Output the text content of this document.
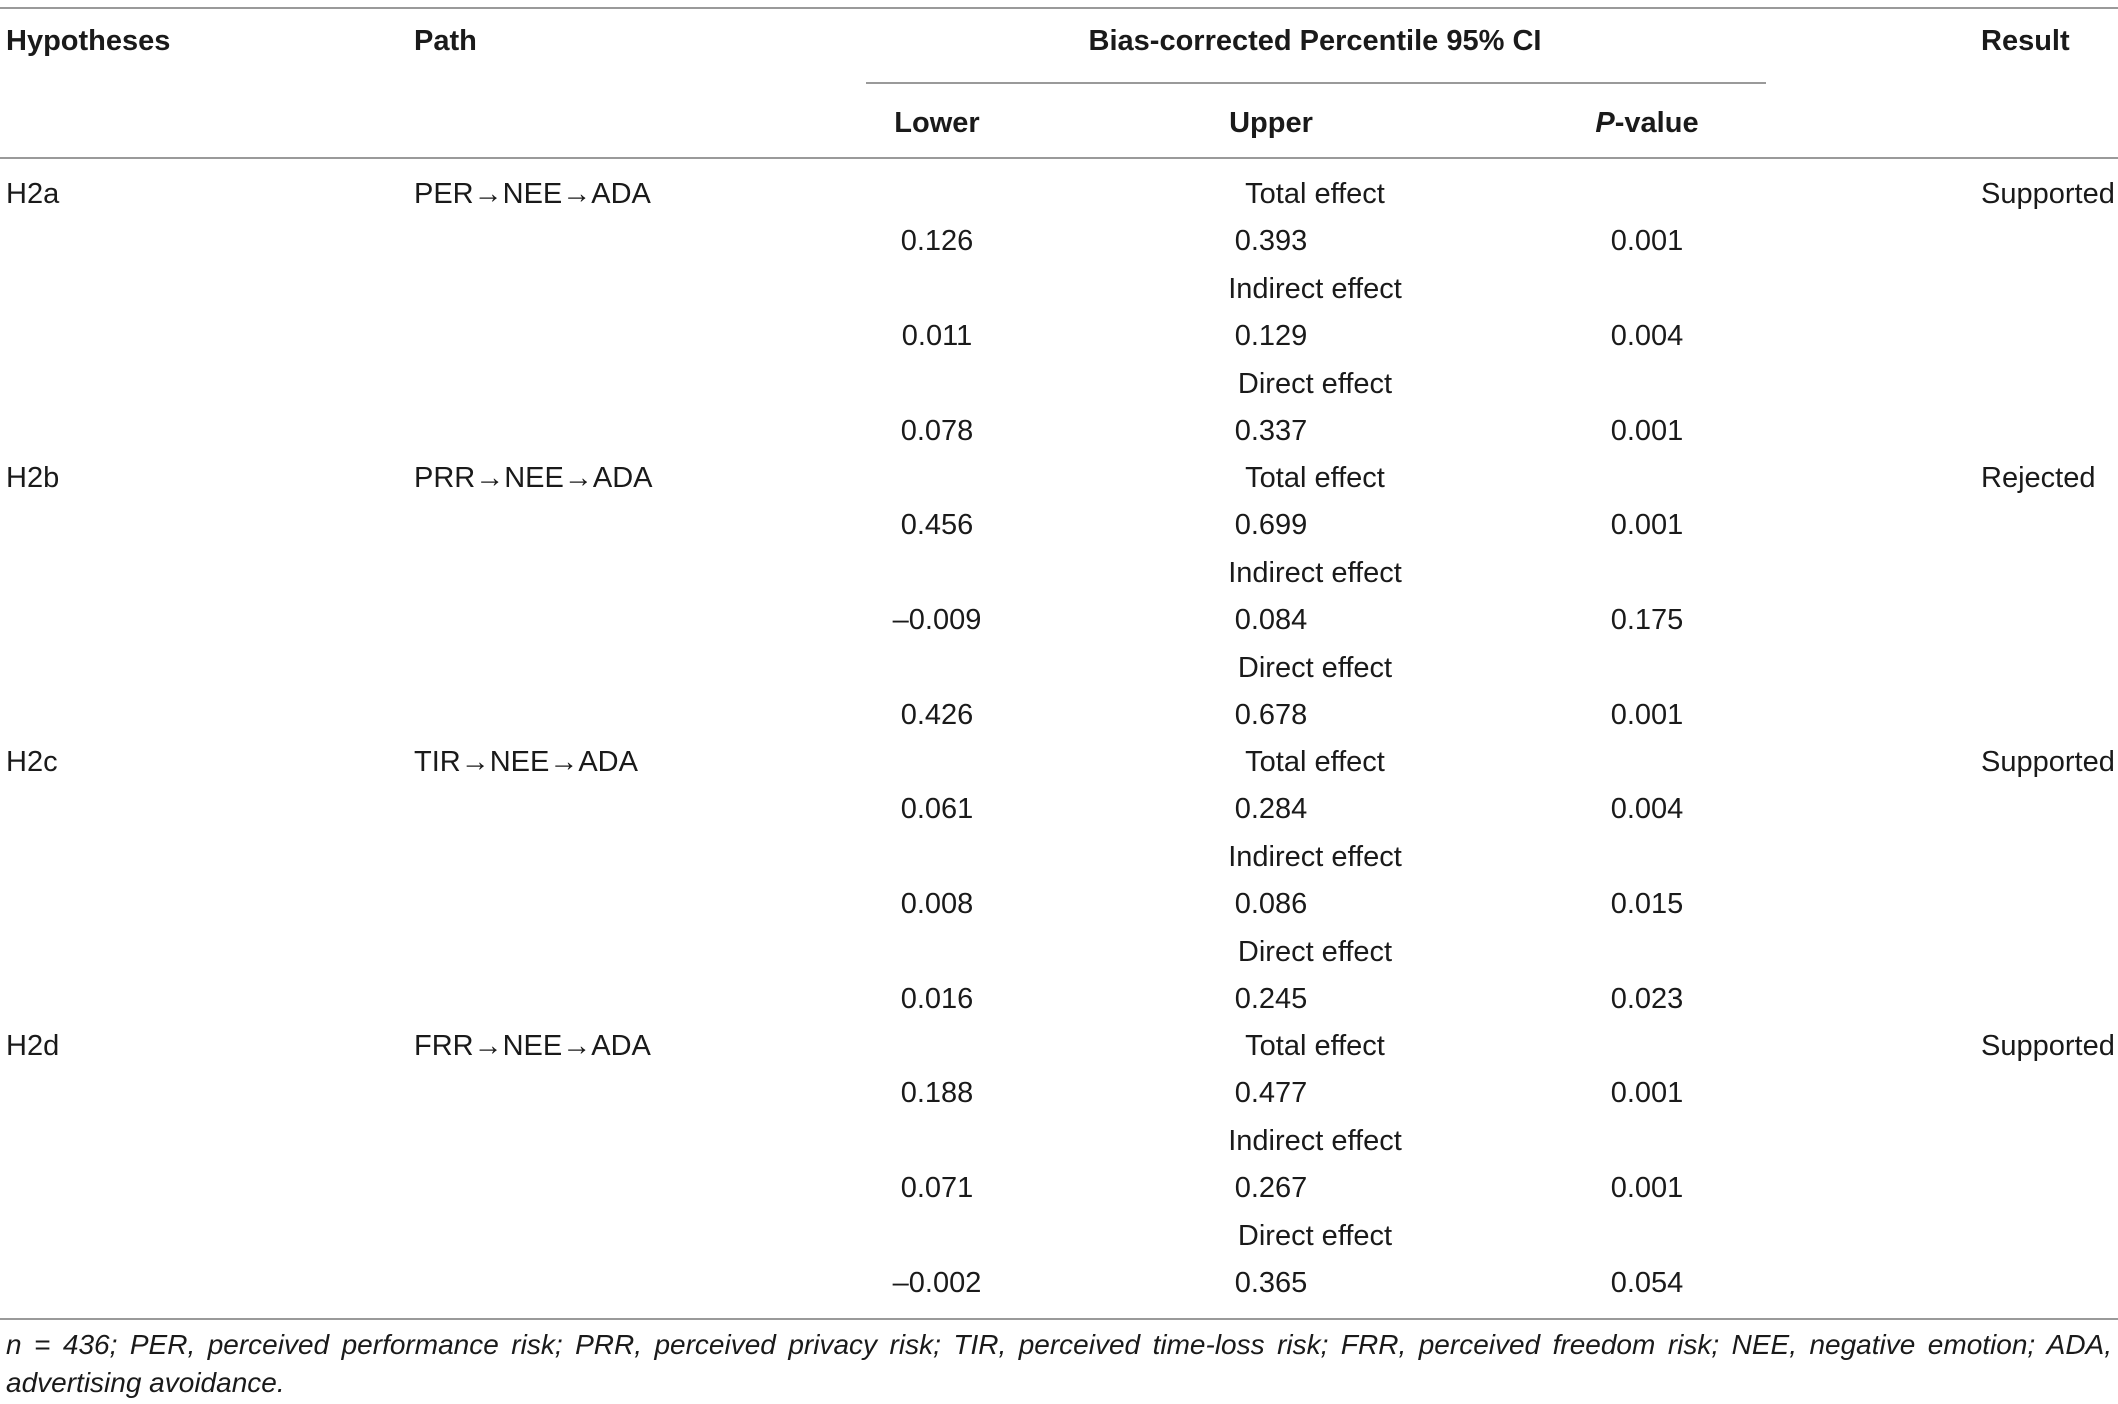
Hypotheses	Path	Bias-corrected Percentile 95% CI	Result
Lower	Upper	P-value
H2a	PER→NEE→ADA	Supported
Total effect
0.126	0.393	0.001
Indirect effect
0.011	0.129	0.004
Direct effect
0.078	0.337	0.001
H2b	PRR→NEE→ADA	Rejected
Total effect
0.456	0.699	0.001
Indirect effect
–0.009	0.084	0.175
Direct effect
0.426	0.678	0.001
H2c	TIR→NEE→ADA	Supported
Total effect
0.061	0.284	0.004
Indirect effect
0.008	0.086	0.015
Direct effect
0.016	0.245	0.023
H2d	FRR→NEE→ADA	Supported
Total effect
0.188	0.477	0.001
Indirect effect
0.071	0.267	0.001
Direct effect
–0.002	0.365	0.054
n = 436; PER, perceived performance risk; PRR, perceived privacy risk; TIR, perceived time-loss risk; FRR, perceived freedom risk; NEE, negative emotion; ADA, advertising avoidance.
